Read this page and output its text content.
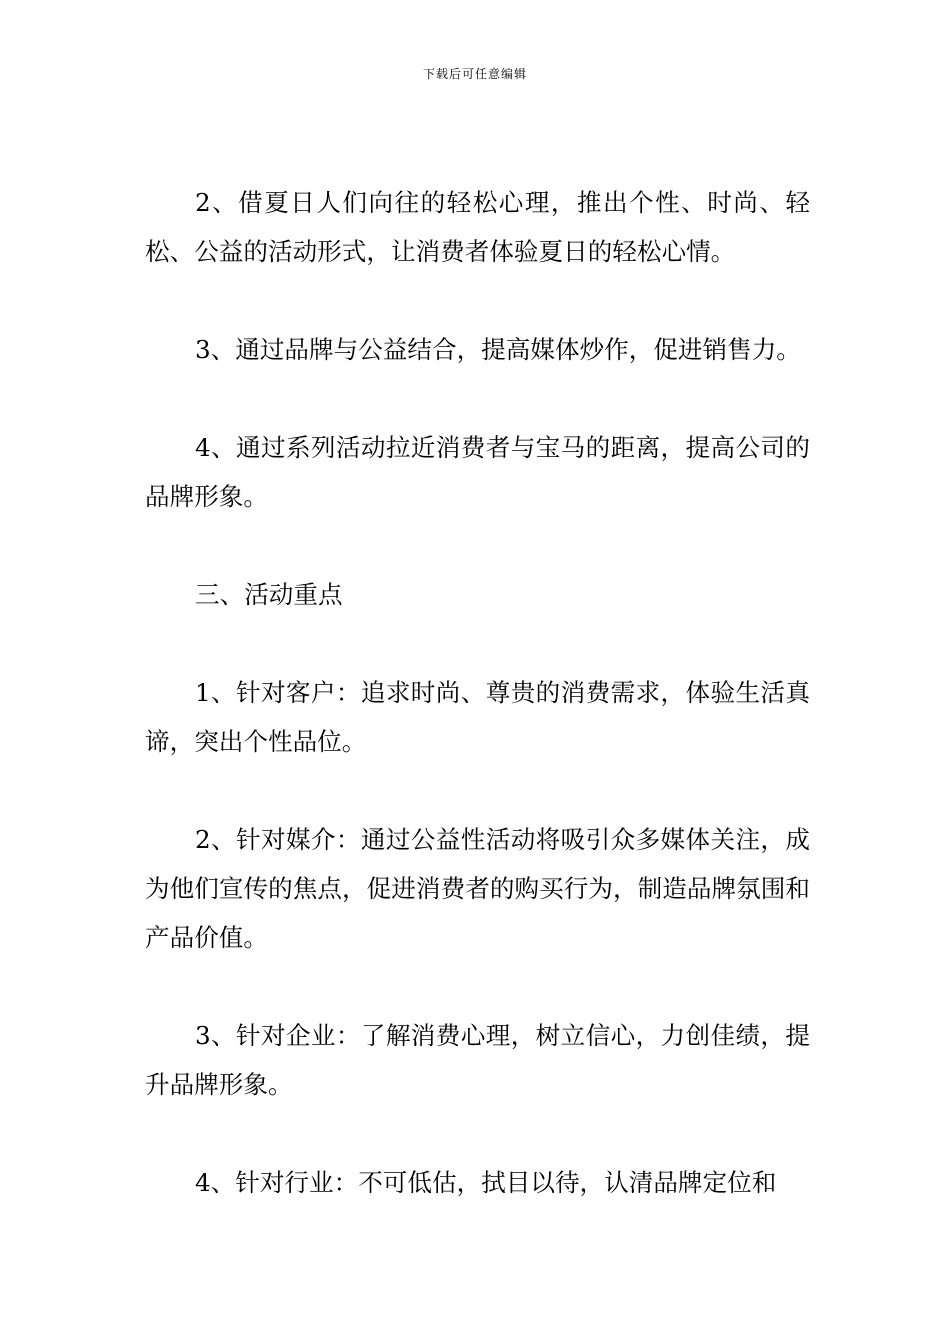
下载后可任意编辑

2、借夏日人们向往的轻松心理，推出个性、时尚、轻松、公益的活动形式，让消费者体验夏日的轻松心情。

3、通过品牌与公益结合，提高媒体炒作，促进销售力。

4、通过系列活动拉近消费者与宝马的距离，提高公司的品牌形象。

三、活动重点

1、针对客户：追求时尚、尊贵的消费需求，体验生活真谛，突出个性品位。

2、针对媒介：通过公益性活动将吸引众多媒体关注，成为他们宣传的焦点，促进消费者的购买行为，制造品牌氛围和产品价值。

3、针对企业：了解消费心理，树立信心，力创佳绩，提升品牌形象。

4、针对行业：不可低估，拭目以待，认清品牌定位和
